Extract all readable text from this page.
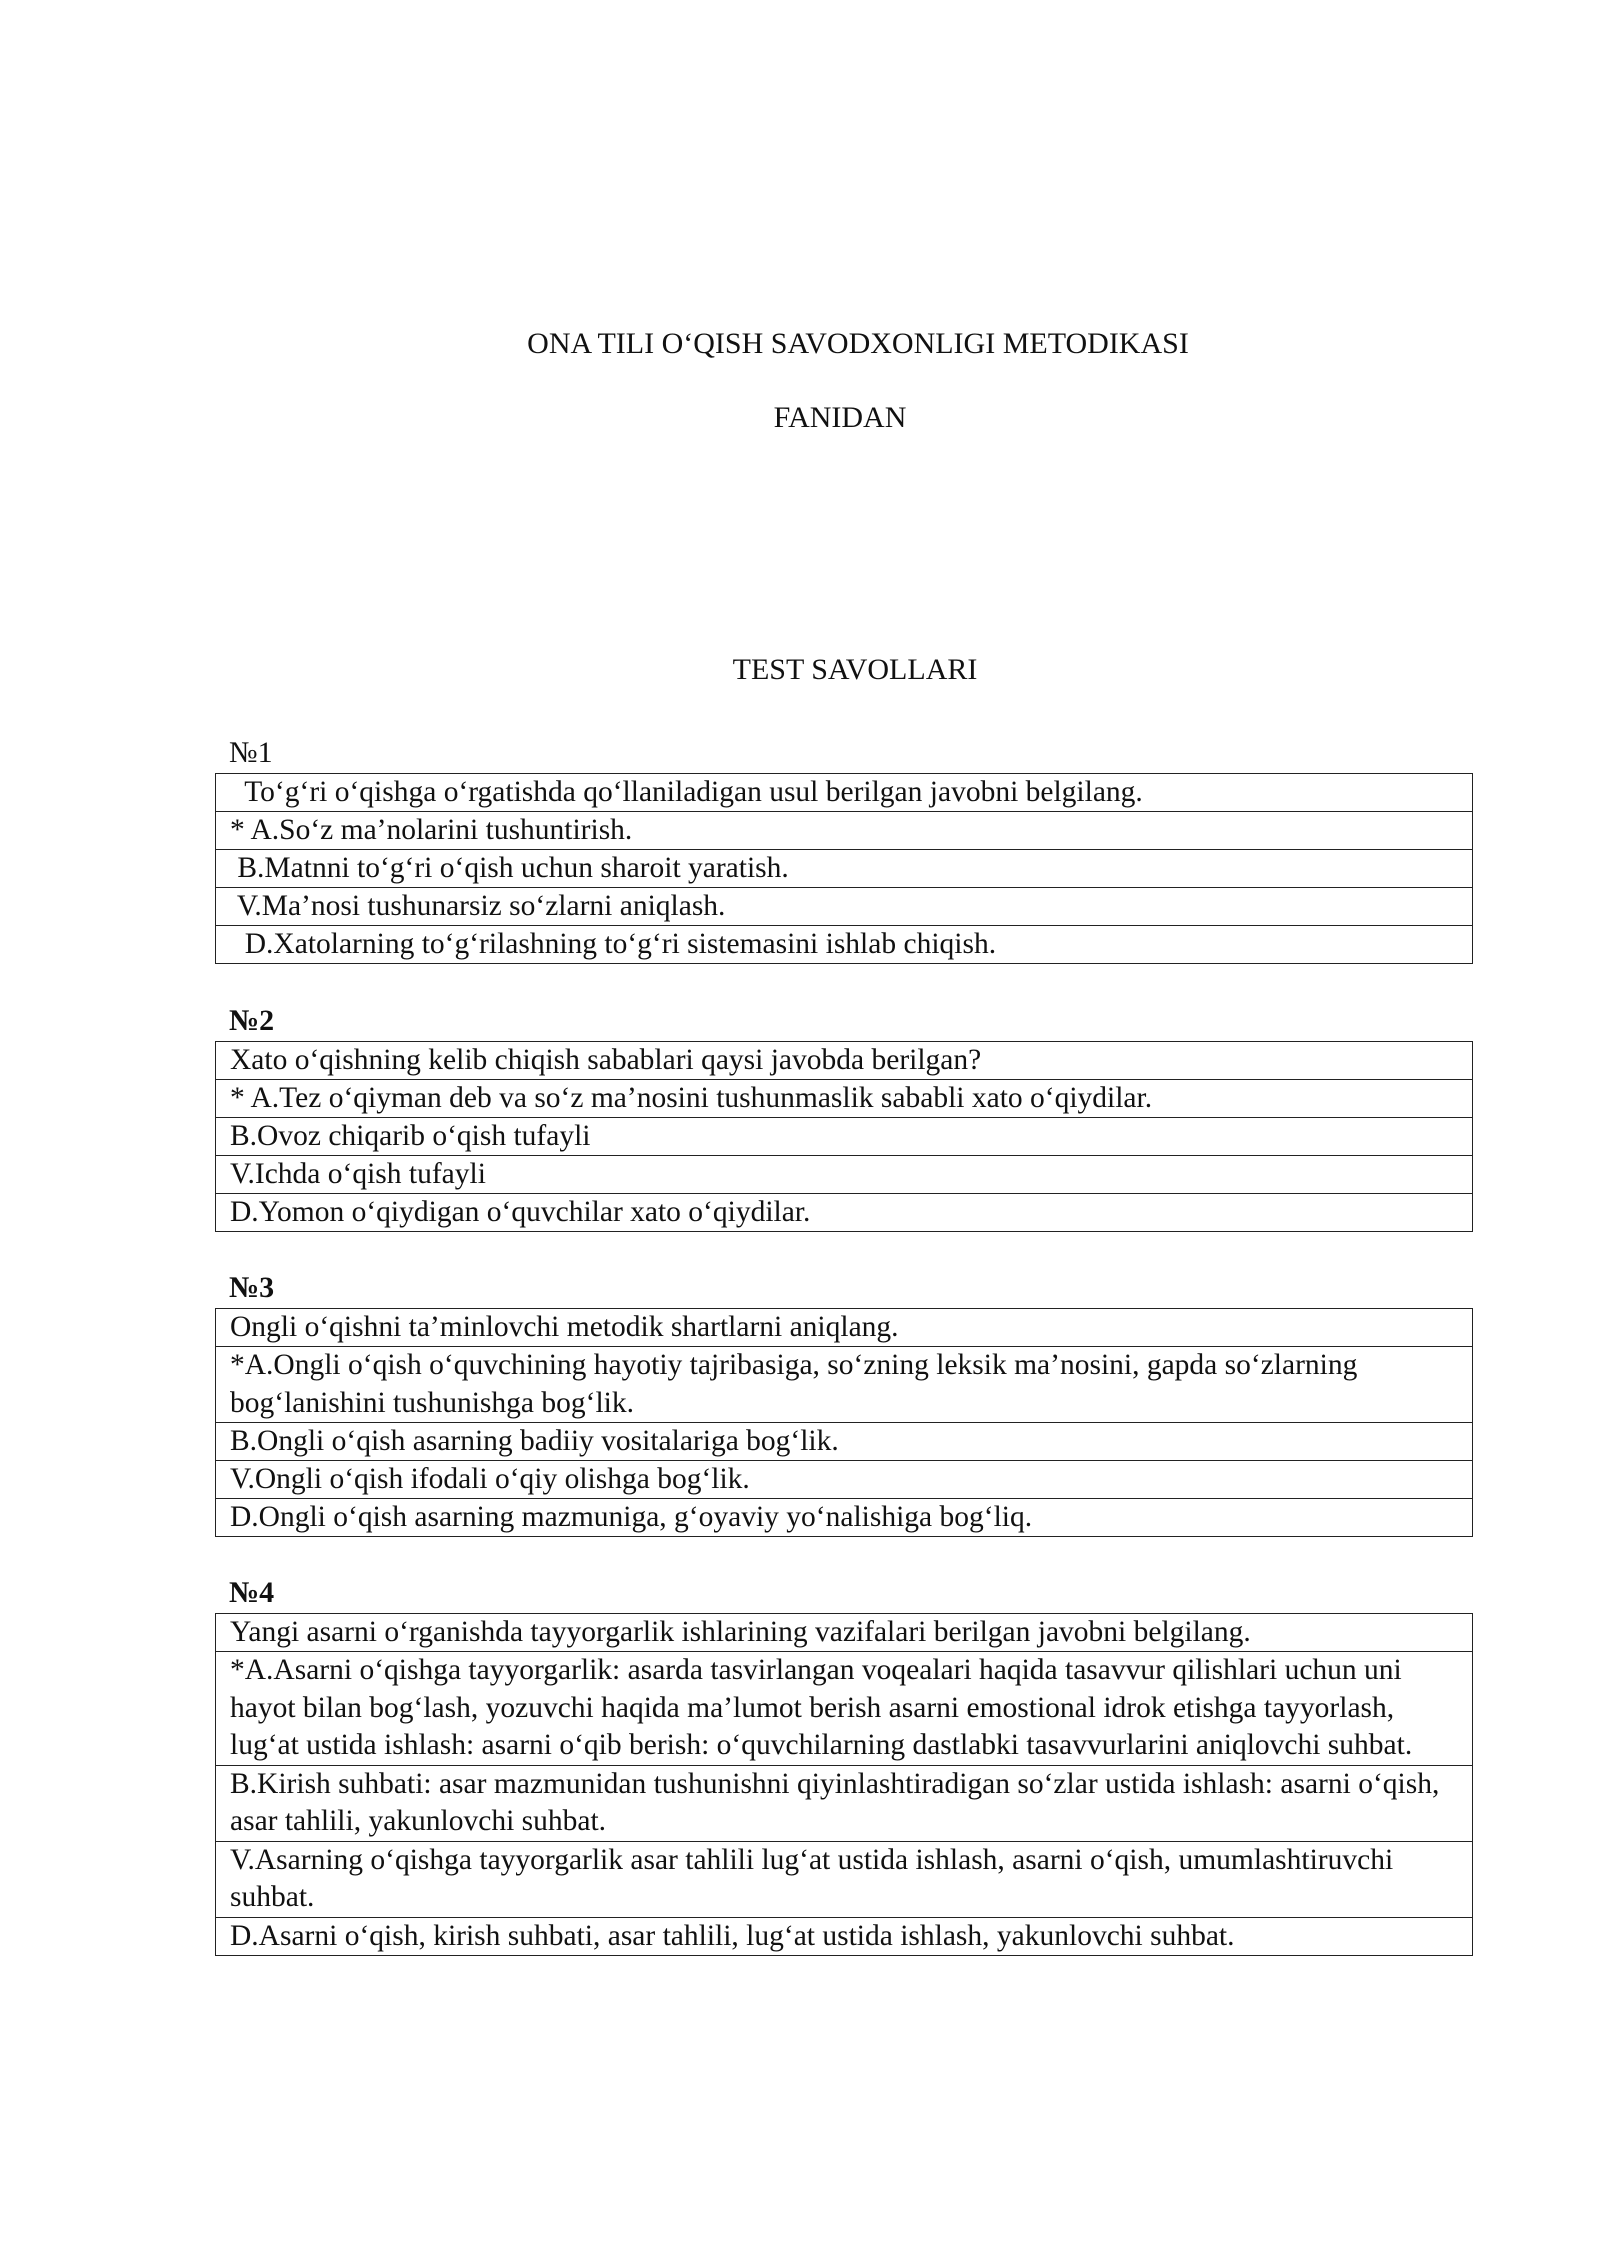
ONA TILI O‘QISH SAVODXONLIGI METODIKASI
FANIDAN
TEST SAVOLLARI
№1
To‘g‘ri o‘qishga o‘rgatishda qo‘llaniladigan usul berilgan javobni belgilang.
* A.So‘z ma’nolarini tushuntirish.
B.Matnni to‘g‘ri o‘qish uchun sharoit yaratish.
V.Ma’nosi tushunarsiz so‘zlarni aniqlash.
D.Xatolarning to‘g‘rilashning to‘g‘ri sistemasini ishlab chiqish.
№2
Xato o‘qishning kelib chiqish sabablari qaysi javobda berilgan?
* A.Tez o‘qiyman deb va so‘z ma’nosini tushunmaslik sababli xato o‘qiydilar.
B.Ovoz chiqarib o‘qish tufayli
V.Ichda o‘qish tufayli
D.Yomon o‘qiydigan o‘quvchilar xato o‘qiydilar.
№3
Ongli o‘qishni ta’minlovchi metodik shartlarni aniqlang.
*A.Ongli o‘qish o‘quvchining hayotiy tajribasiga, so‘zning leksik ma’nosini, gapda so‘zlarning bog‘lanishini tushunishga bog‘lik.
B.Ongli o‘qish asarning badiiy vositalariga bog‘lik.
V.Ongli o‘qish ifodali o‘qiy olishga bog‘lik.
D.Ongli o‘qish asarning mazmuniga, g‘oyaviy yo‘nalishiga bog‘liq.
№4
Yangi asarni o‘rganishda tayyorgarlik ishlarining vazifalari berilgan javobni belgilang.
*A.Asarni o‘qishga tayyorgarlik: asarda tasvirlangan voqealari haqida tasavvur qilishlari uchun uni hayot bilan bog‘lash, yozuvchi haqida ma’lumot berish asarni emostional idrok etishga tayyorlash, lug‘at ustida ishlash: asarni o‘qib berish: o‘quvchilarning dastlabki tasavvurlarini aniqlovchi suhbat.
B.Kirish suhbati: asar mazmunidan tushunishni qiyinlashtiradigan so‘zlar ustida ishlash: asarni o‘qish, asar tahlili, yakunlovchi suhbat.
V.Asarning o‘qishga tayyorgarlik asar tahlili lug‘at ustida ishlash, asarni o‘qish, umumlashtiruvchi suhbat.
D.Asarni o‘qish, kirish suhbati, asar tahlili, lug‘at ustida ishlash, yakunlovchi suhbat.
